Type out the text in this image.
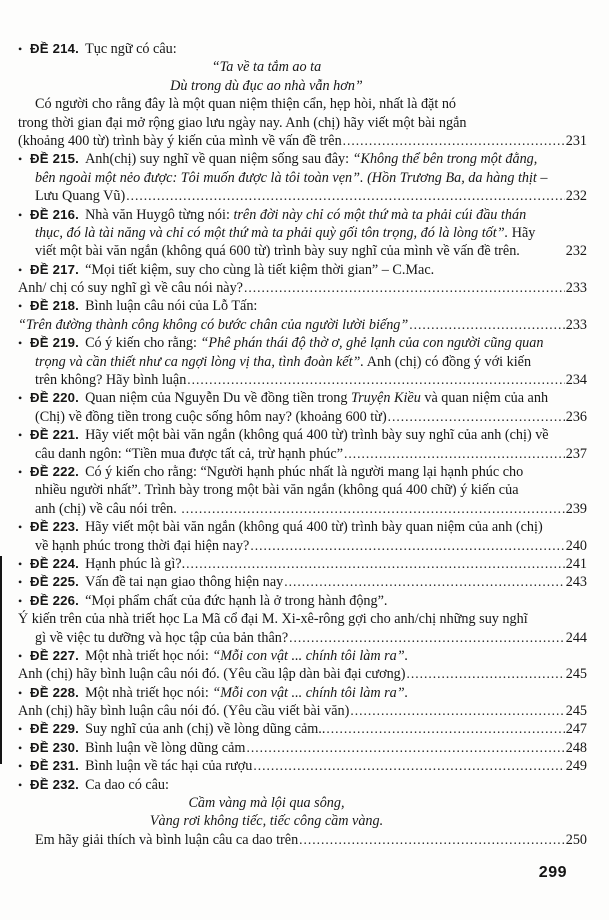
• ĐỀ 214. Tục ngữ có câu:
“Ta về ta tắm ao ta
Dù trong dù đục ao nhà vẫn hơn”
Có người cho rằng đây là một quan niệm thiện cẩn, hẹp hòi, nhất là đặt nó
trong thời gian đại mở rộng giao lưu ngày nay. Anh (chị) hãy viết một bài ngắn
(khoảng 400 từ) trình bày ý kiến của mình về vấn đề trên .....	231
• ĐỀ 215. Anh(chị) suy nghĩ về quan niệm sống sau đây: “Không thể bên trong một đằng,
bên ngoài một nẻo được: Tôi muốn được là tôi toàn vẹn”. (Hồn Trương Ba, da hàng thịt –
Lưu Quang Vũ) .....	232
• ĐỀ 216. Nhà văn Huygô từng nói: trên đời này chỉ có một thứ mà ta phải cúi đầu thán
thục, đó là tài năng và chỉ có một thứ mà ta phải quỳ gối tôn trọng, đó là lòng tốt”. Hãy
viết một bài văn ngắn (không quá 600 từ) trình bày suy nghĩ của mình về vấn đề trên.	232
• ĐỀ 217. “Mọi tiết kiệm, suy cho cùng là tiết kiệm thời gian” – C.Mac.
Anh/ chị có suy nghĩ gì về câu nói này? .....	233
• ĐỀ 218. Bình luận câu nói của Lỗ Tấn:
“Trên đường thành công không có bước chân của người lười biếng” .....	233
• ĐỀ 219. Có ý kiến cho rằng: “Phê phán thái độ thờ ơ, ghẻ lạnh của con người cũng quan
trọng và cần thiết như ca ngợi lòng vị tha, tình đoàn kết”. Anh (chị) có đồng ý với kiến
trên không? Hãy bình luận .....	234
• ĐỀ 220. Quan niệm của Nguyễn Du về đồng tiền trong Truyện Kiều và quan niệm của anh
(Chị) về đồng tiền trong cuộc sống hôm nay? (khoảng 600 từ) .....	236
• ĐỀ 221. Hãy viết một bài văn ngắn (không quá 400 từ) trình bày suy nghĩ của anh (chị) về
câu danh ngôn: “Tiền mua được tất cả, trừ hạnh phúc” .....	237
• ĐỀ 222. Có ý kiến cho rằng: “Người hạnh phúc nhất là người mang lại hạnh phúc cho
nhiều người nhất”. Trình bày trong một bài văn ngắn (không quá 400 chữ) ý kiến của
anh (chị) về câu nói trên. .....	239
• ĐỀ 223. Hãy viết một bài văn ngắn (không quá 400 từ) trình bày quan niệm của anh (chị)
về hạnh phúc trong thời đại hiện nay? .....	240
• ĐỀ 224. Hạnh phúc là gì?. .....	241
• ĐỀ 225. Vấn đề tai nạn giao thông hiện nay .....	243
• ĐỀ 226. “Mọi phẩm chất của đức hạnh là ở trong hành động”.
Ý kiến trên của nhà triết học La Mã cổ đại M. Xi-xê-rông gợi cho anh/chị những suy nghĩ
gì về việc tu dưỡng và học tập của bản thân? .....	244
• ĐỀ 227. Một nhà triết học nói: “Mỗi con vật ... chính tôi làm ra”.
Anh (chị) hãy bình luận câu nói đó. (Yêu cầu lập dàn bài đại cương) .....	245
• ĐỀ 228. Một nhà triết học nói: “Mỗi con vật ... chính tôi làm ra”.
Anh (chị) hãy bình luận câu nói đó. (Yêu cầu viết bài văn) .....	245
• ĐỀ 229. Suy nghĩ của anh (chị) về lòng dũng cảm.. .....	247
• ĐỀ 230. Bình luận về lòng dũng cảm .....	248
• ĐỀ 231. Bình luận về tác hại của rượu .....	249
• ĐỀ 232. Ca dao có câu:
Cầm vàng mà lội qua sông,
Vàng rơi không tiếc, tiếc công cầm vàng.
Em hãy giải thích và bình luận câu ca dao trên .....	250
299
